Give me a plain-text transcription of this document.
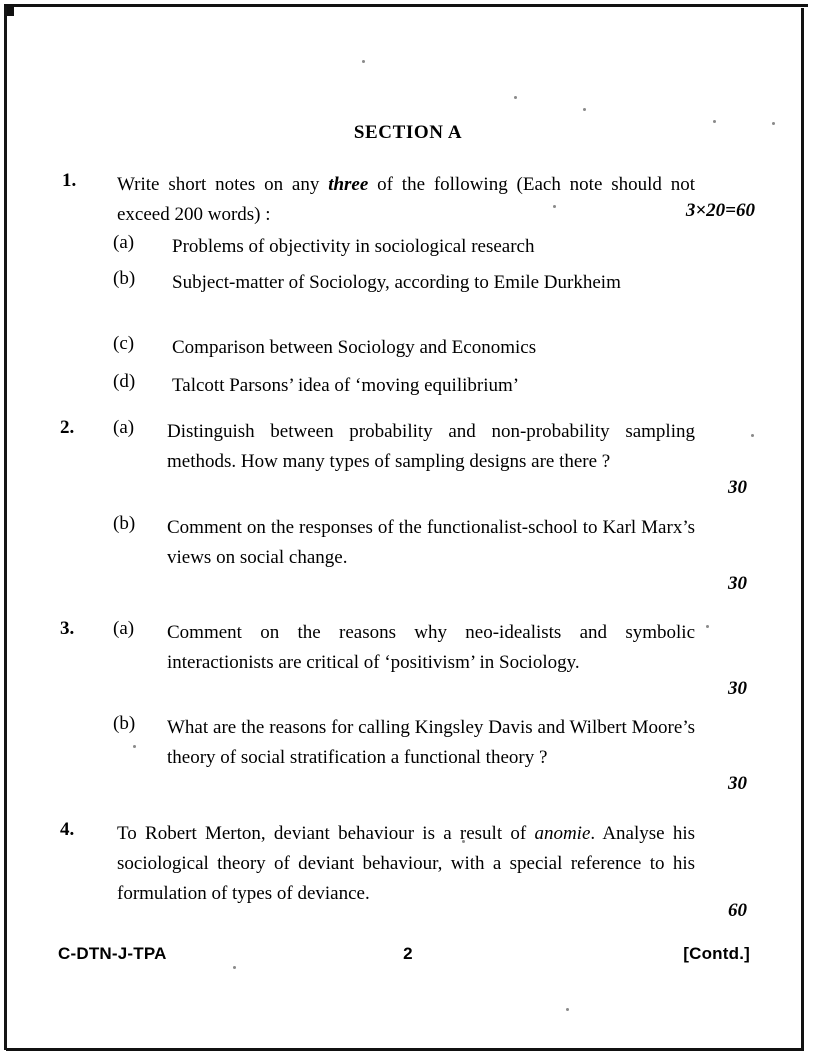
SECTION A
1.	Write short notes on any three of the following (Each note should not exceed 200 words) :	3×20=60
(a) Problems of objectivity in sociological research
(b) Subject-matter of Sociology, according to Emile Durkheim
(c) Comparison between Sociology and Economics
(d) Talcott Parsons’ idea of ‘moving equilibrium’
2.	(a) Distinguish between probability and non-probability sampling methods. How many types of sampling designs are there ?
30
(b) Comment on the responses of the functionalist-school to Karl Marx’s views on social change.
30
3.	(a) Comment on the reasons why neo-idealists and symbolic interactionists are critical of ‘positivism’ in Sociology.
30
(b) What are the reasons for calling Kingsley Davis and Wilbert Moore’s theory of social stratification a functional theory ?
30
4.	To Robert Merton, deviant behaviour is a result of anomie. Analyse his sociological theory of deviant behaviour, with a special reference to his formulation of types of deviance.
60
C-DTN-J-TPA	2	[Contd.]
